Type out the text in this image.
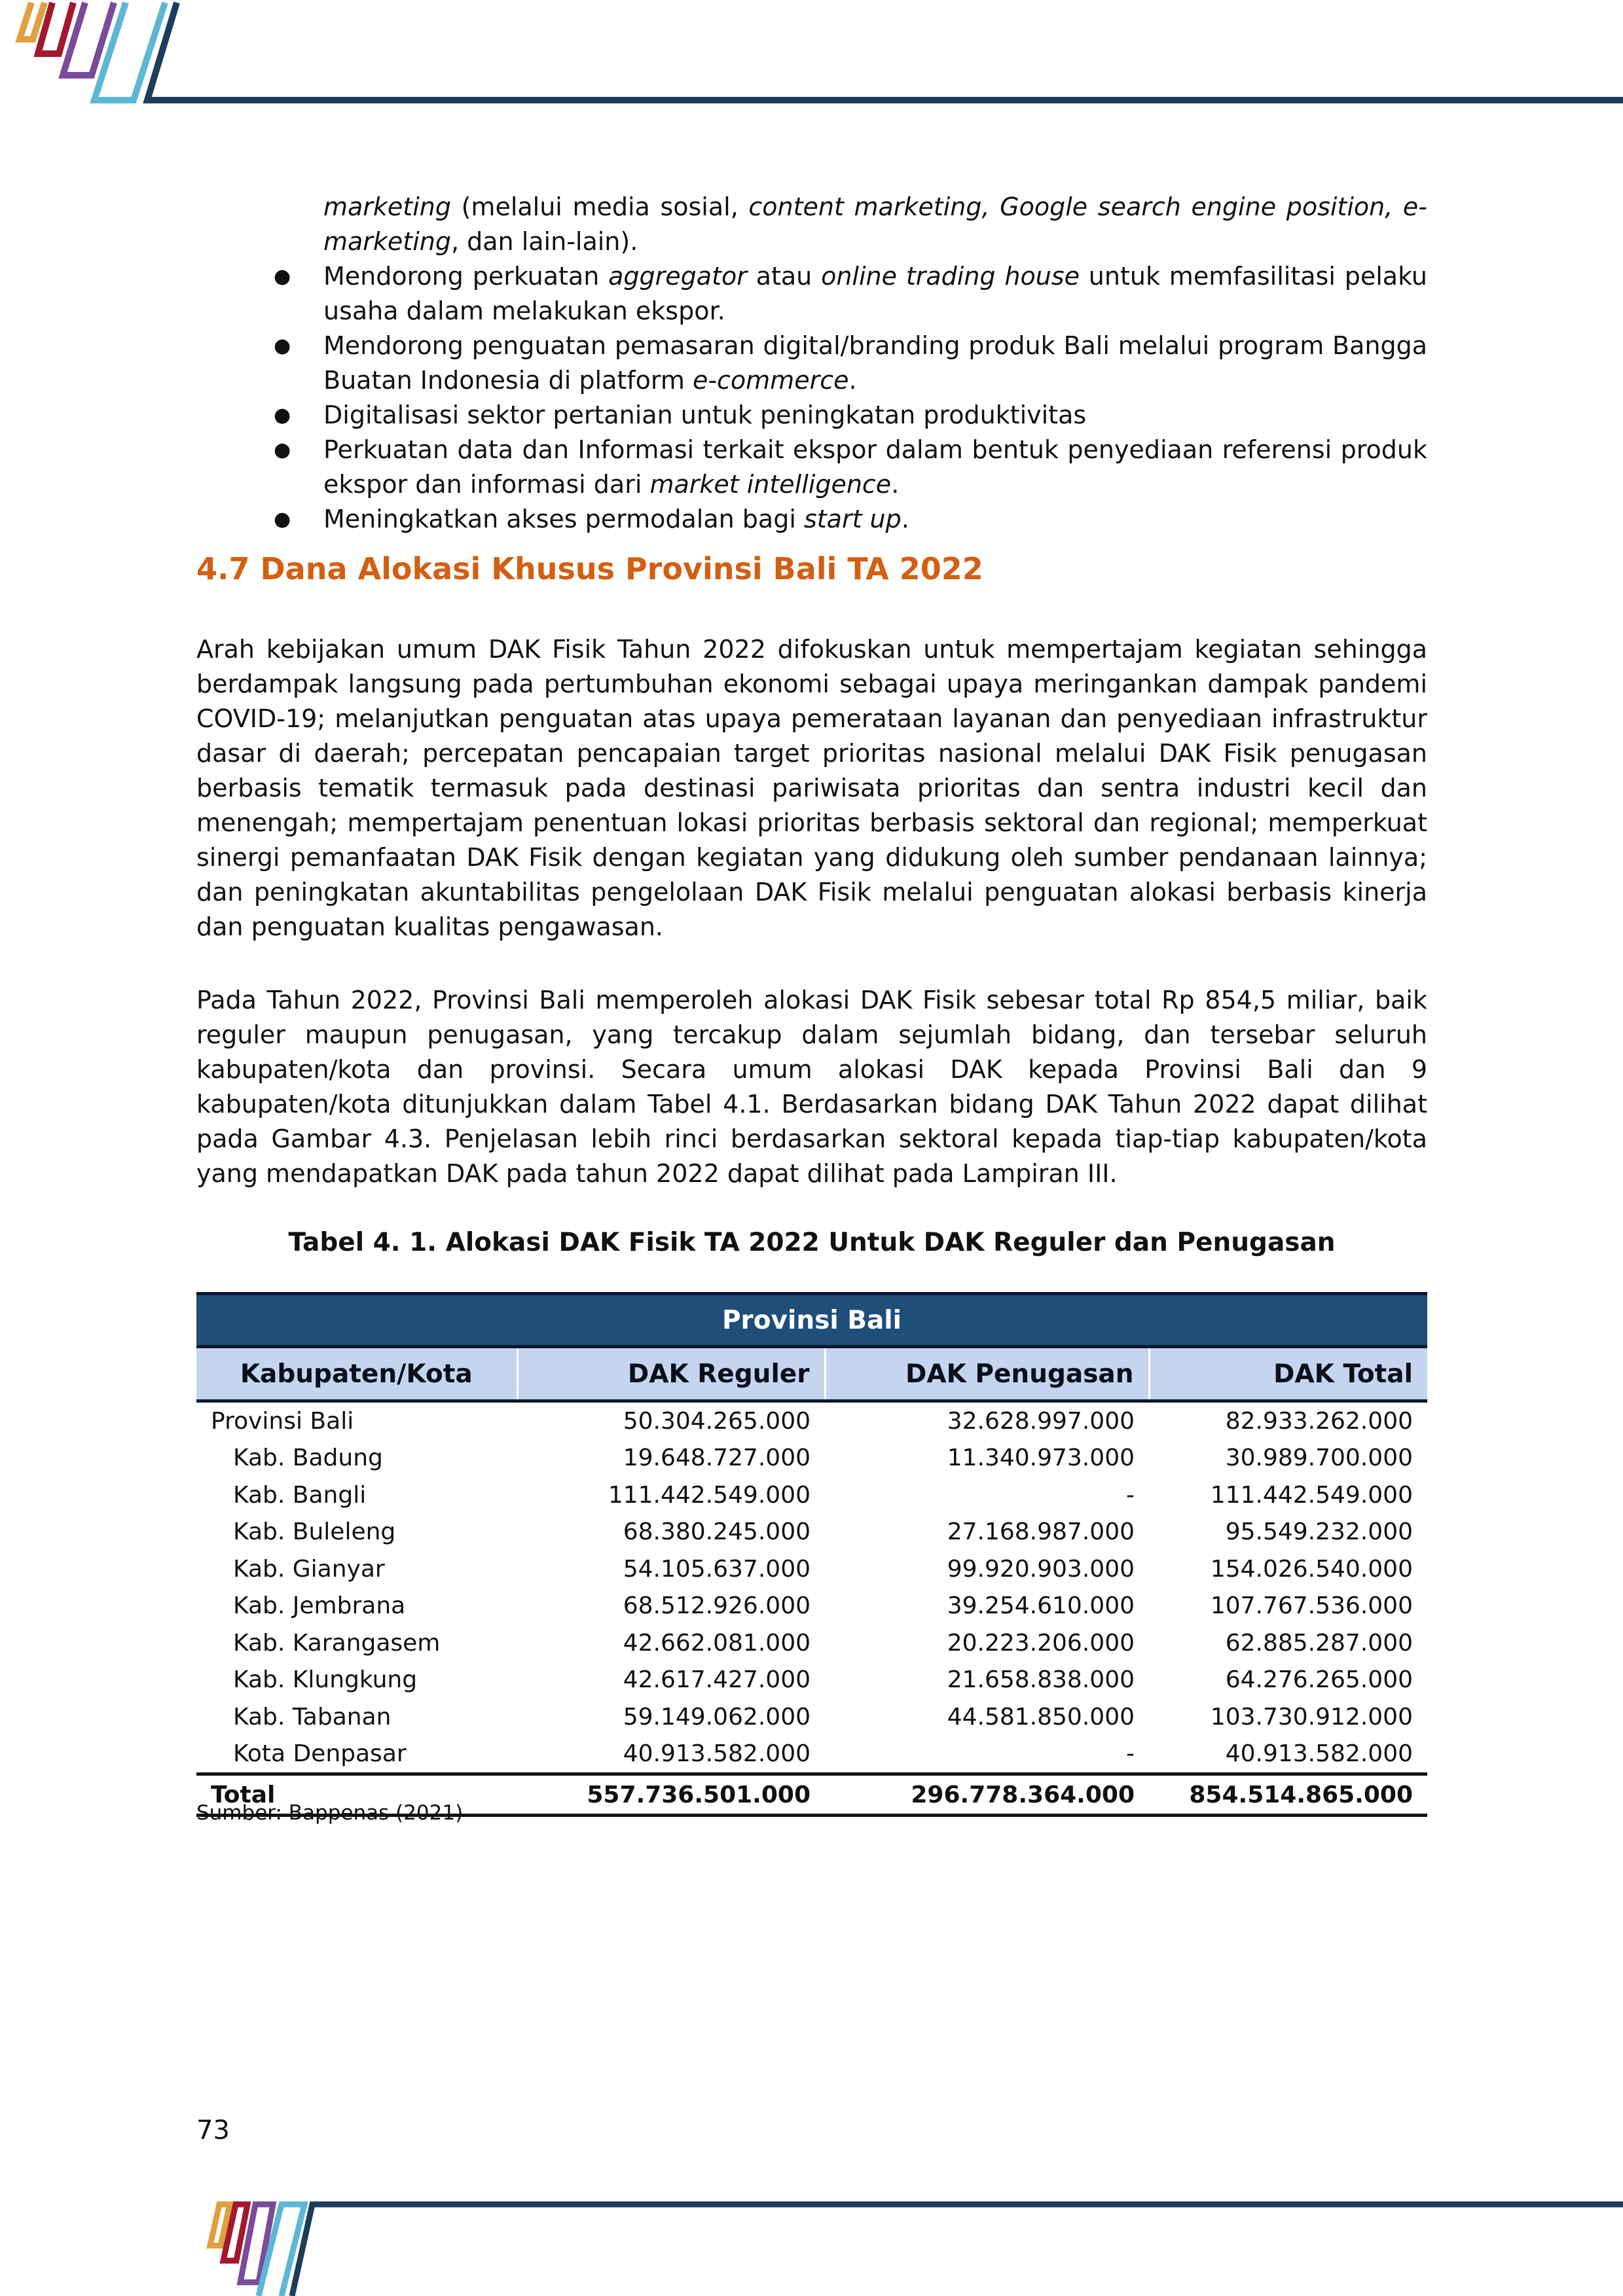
marketing (melalui media sosial, content marketing, Google search engine position, e-marketing, dan lain-lain).
● Mendorong perkuatan aggregator atau online trading house untuk memfasilitasi pelaku usaha dalam melakukan ekspor.
● Mendorong penguatan pemasaran digital/branding produk Bali melalui program Bangga Buatan Indonesia di platform e-commerce.
● Digitalisasi sektor pertanian untuk peningkatan produktivitas
● Perkuatan data dan Informasi terkait ekspor dalam bentuk penyediaan referensi produk ekspor dan informasi dari market intelligence.
● Meningkatkan akses permodalan bagi start up.
4.7 Dana Alokasi Khusus Provinsi Bali TA 2022
Arah kebijakan umum DAK Fisik Tahun 2022 difokuskan untuk mempertajam kegiatan sehingga berdampak langsung pada pertumbuhan ekonomi sebagai upaya meringankan dampak pandemi COVID-19; melanjutkan penguatan atas upaya pemerataan layanan dan penyediaan infrastruktur dasar di daerah; percepatan pencapaian target prioritas nasional melalui DAK Fisik penugasan berbasis tematik termasuk pada destinasi pariwisata prioritas dan sentra industri kecil dan menengah; mempertajam penentuan lokasi prioritas berbasis sektoral dan regional; memperkuat sinergi pemanfaatan DAK Fisik dengan kegiatan yang didukung oleh sumber pendanaan lainnya; dan peningkatan akuntabilitas pengelolaan DAK Fisik melalui penguatan alokasi berbasis kinerja dan penguatan kualitas pengawasan.
Pada Tahun 2022, Provinsi Bali memperoleh alokasi DAK Fisik sebesar total Rp 854,5 miliar, baik reguler maupun penugasan, yang tercakup dalam sejumlah bidang, dan tersebar seluruh kabupaten/kota dan provinsi. Secara umum alokasi DAK kepada Provinsi Bali dan 9 kabupaten/kota ditunjukkan dalam Tabel 4.1. Berdasarkan bidang DAK Tahun 2022 dapat dilihat pada Gambar 4.3. Penjelasan lebih rinci berdasarkan sektoral kepada tiap-tiap kabupaten/kota yang mendapatkan DAK pada tahun 2022 dapat dilihat pada Lampiran III.
Tabel 4. 1. Alokasi DAK Fisik TA 2022 Untuk DAK Reguler dan Penugasan
Provinsi Bali			
Kabupaten/Kota	DAK Reguler	DAK Penugasan	DAK Total
Provinsi Bali	50.304.265.000	32.628.997.000	82.933.262.000
Kab. Badung	19.648.727.000	11.340.973.000	30.989.700.000
Kab. Bangli	111.442.549.000	-	111.442.549.000
Kab. Buleleng	68.380.245.000	27.168.987.000	95.549.232.000
Kab. Gianyar	54.105.637.000	99.920.903.000	154.026.540.000
Kab. Jembrana	68.512.926.000	39.254.610.000	107.767.536.000
Kab. Karangasem	42.662.081.000	20.223.206.000	62.885.287.000
Kab. Klungkung	42.617.427.000	21.658.838.000	64.276.265.000
Kab. Tabanan	59.149.062.000	44.581.850.000	103.730.912.000
Kota Denpasar	40.913.582.000	-	40.913.582.000
Total	557.736.501.000	296.778.364.000	854.514.865.000
Sumber: Bappenas (2021)
73
